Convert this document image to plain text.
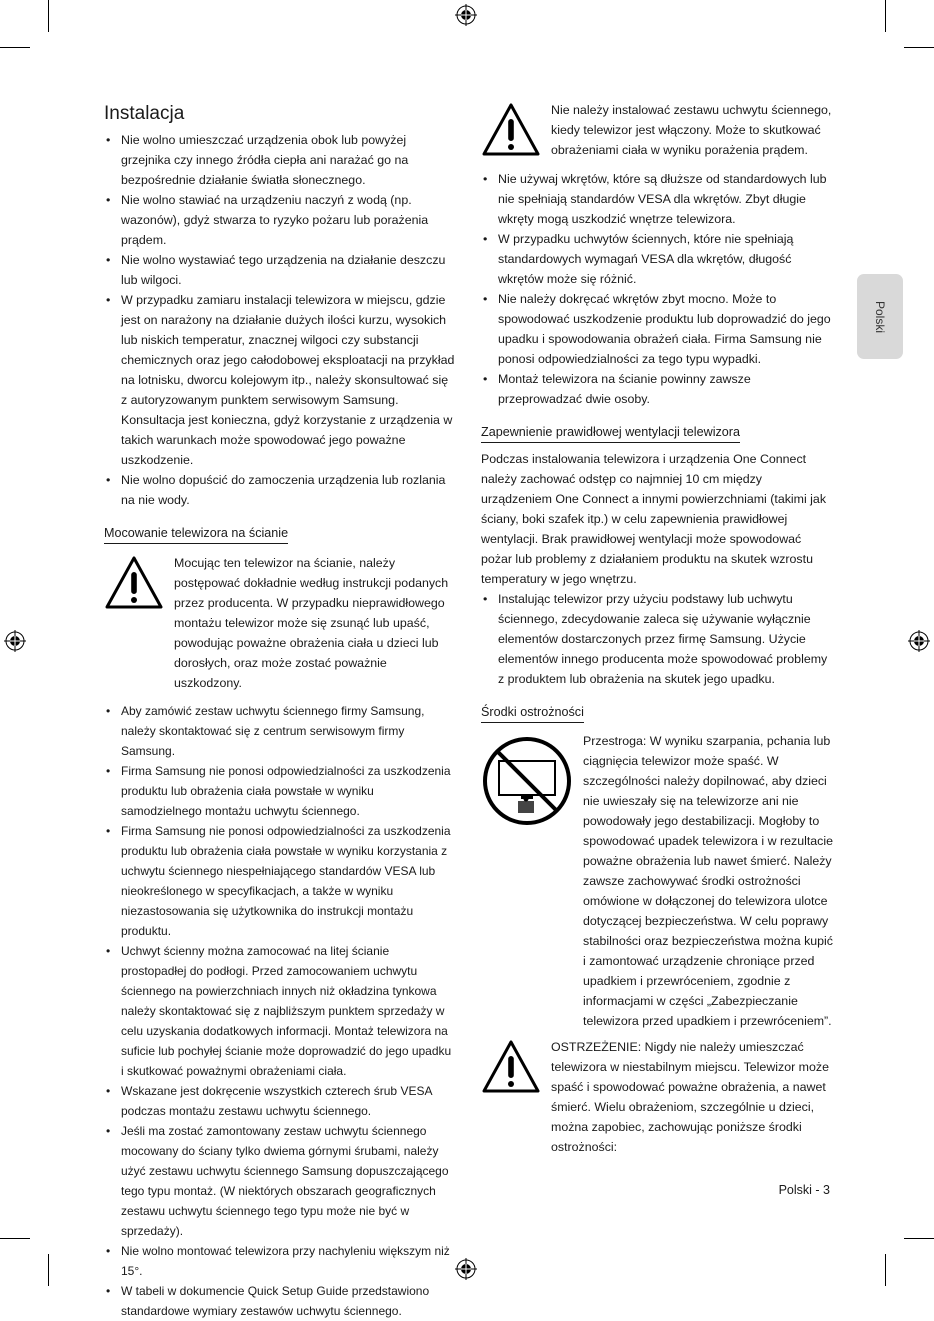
Polski
Instalacja
• Nie wolno umieszczać urządzenia obok lub powyżej grzejnika czy innego źródła ciepła ani narażać go na bezpośrednie działanie światła słonecznego.
• Nie wolno stawiać na urządzeniu naczyń z wodą (np. wazonów), gdyż stwarza to ryzyko pożaru lub porażenia prądem.
• Nie wolno wystawiać tego urządzenia na działanie deszczu lub wilgoci.
• W przypadku zamiaru instalacji telewizora w miejscu, gdzie jest on narażony na działanie dużych ilości kurzu, wysokich lub niskich temperatur, znacznej wilgoci czy substancji chemicznych oraz jego całodobowej eksploatacji na przykład na lotnisku, dworcu kolejowym itp., należy skonsultować się z autoryzowanym punktem serwisowym Samsung. Konsultacja jest konieczna, gdyż korzystanie z urządzenia w takich warunkach może spowodować jego poważne uszkodzenie.
• Nie wolno dopuścić do zamoczenia urządzenia lub rozlania na nie wody.
Mocowanie telewizora na ścianie
Mocując ten telewizor na ścianie, należy postępować dokładnie według instrukcji podanych przez producenta. W przypadku nieprawidłowego montażu telewizor może się zsunąć lub upaść, powodując poważne obrażenia ciała u dzieci lub dorosłych, oraz może zostać poważnie uszkodzony.
• Aby zamówić zestaw uchwytu ściennego firmy Samsung, należy skontaktować się z centrum serwisowym firmy Samsung.
• Firma Samsung nie ponosi odpowiedzialności za uszkodzenia produktu lub obrażenia ciała powstałe w wyniku samodzielnego montażu uchwytu ściennego.
• Firma Samsung nie ponosi odpowiedzialności za uszkodzenia produktu lub obrażenia ciała powstałe w wyniku korzystania z uchwytu ściennego niespełniającego standardów VESA lub nieokreślonego w specyfikacjach, a także w wyniku niezastosowania się użytkownika do instrukcji montażu produktu.
• Uchwyt ścienny można zamocować na litej ścianie prostopadłej do podłogi. Przed zamocowaniem uchwytu ściennego na powierzchniach innych niż okładzina tynkowa należy skontaktować się z najbliższym punktem sprzedaży w celu uzyskania dodatkowych informacji. Montaż telewizora na suficie lub pochyłej ścianie może doprowadzić do jego upadku i skutkować poważnymi obrażeniami ciała.
• Wskazane jest dokręcenie wszystkich czterech śrub VESA podczas montażu zestawu uchwytu ściennego.
• Jeśli ma zostać zamontowany zestaw uchwytu ściennego mocowany do ściany tylko dwiema górnymi śrubami, należy użyć zestawu uchwytu ściennego Samsung dopuszczającego tego typu montaż. (W niektórych obszarach geograficznych zestawu uchwytu ściennego tego typu może nie być w sprzedaży).
• Nie wolno montować telewizora przy nachyleniu większym niż 15°.
• W tabeli w dokumencie Quick Setup Guide przedstawiono standardowe wymiary zestawów uchwytu ściennego.
Nie należy instalować zestawu uchwytu ściennego, kiedy telewizor jest włączony. Może to skutkować obrażeniami ciała w wyniku porażenia prądem.
• Nie używaj wkrętów, które są dłuższe od standardowych lub nie spełniają standardów VESA dla wkrętów. Zbyt długie wkręty mogą uszkodzić wnętrze telewizora.
• W przypadku uchwytów ściennych, które nie spełniają standardowych wymagań VESA dla wkrętów, długość wkrętów może się różnić.
• Nie należy dokręcać wkrętów zbyt mocno. Może to spowodować uszkodzenie produktu lub doprowadzić do jego upadku i spowodowania obrażeń ciała. Firma Samsung nie ponosi odpowiedzialności za tego typu wypadki.
• Montaż telewizora na ścianie powinny zawsze przeprowadzać dwie osoby.
Zapewnienie prawidłowej wentylacji telewizora
Podczas instalowania telewizora i urządzenia One Connect należy zachować odstęp co najmniej 10 cm między urządzeniem One Connect a innymi powierzchniami (takimi jak ściany, boki szafek itp.) w celu zapewnienia prawidłowej wentylacji. Brak prawidłowej wentylacji może spowodować pożar lub problemy z działaniem produktu na skutek wzrostu temperatury w jego wnętrzu.
• Instalując telewizor przy użyciu podstawy lub uchwytu ściennego, zdecydowanie zaleca się używanie wyłącznie elementów dostarczonych przez firmę Samsung. Użycie elementów innego producenta może spowodować problemy z produktem lub obrażenia na skutek jego upadku.
Środki ostrożności
Przestroga: W wyniku szarpania, pchania lub ciągnięcia telewizor może spaść. W szczególności należy dopilnować, aby dzieci nie uwieszały się na telewizorze ani nie powodowały jego destabilizacji. Mogłoby to spowodować upadek telewizora i w rezultacie poważne obrażenia lub nawet śmierć. Należy zawsze zachowywać środki ostrożności omówione w dołączonej do telewizora ulotce dotyczącej bezpieczeństwa. W celu poprawy stabilności oraz bezpieczeństwa można kupić i zamontować urządzenie chroniące przed upadkiem i przewróceniem, zgodnie z informacjami w części „Zabezpieczanie telewizora przed upadkiem i przewróceniem”.
OSTRZEŻENIE: Nigdy nie należy umieszczać telewizora w niestabilnym miejscu. Telewizor może spaść i spowodować poważne obrażenia, a nawet śmierć. Wielu obrażeniom, szczególnie u dzieci, można zapobiec, zachowując poniższe środki ostrożności:
Polski - 3
